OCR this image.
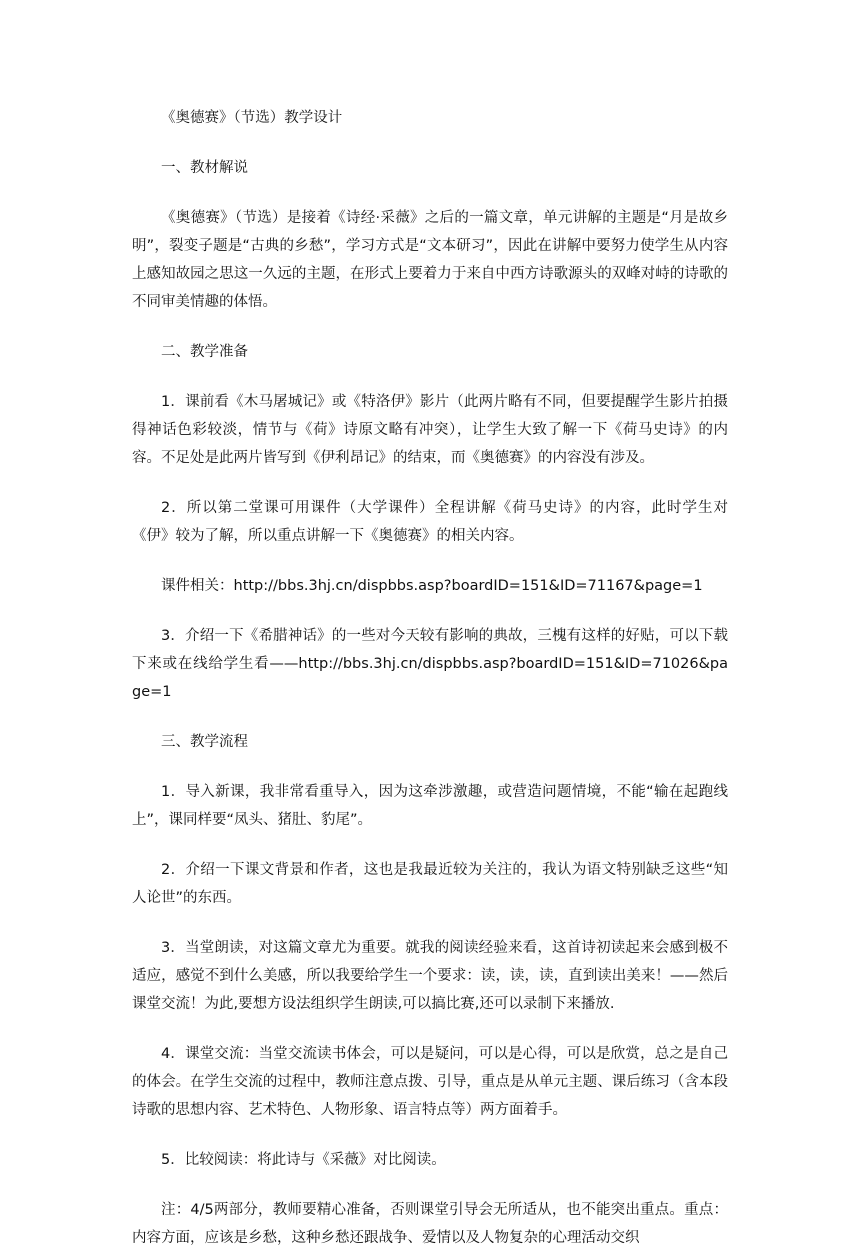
《奥德赛》（节选）教学设计

一、教材解说

《奥德赛》（节选）是接着《诗经·采薇》之后的一篇文章，单元讲解的主题是“月是故乡明”，裂变子题是“古典的乡愁”，学习方式是“文本研习”，因此在讲解中要努力使学生从内容上感知故园之思这一久远的主题，在形式上要着力于来自中西方诗歌源头的双峰对峙的诗歌的不同审美情趣的体悟。

二、教学准备

1．课前看《木马屠城记》或《特洛伊》影片（此两片略有不同，但要提醒学生影片拍摄得神话色彩较淡，情节与《荷》诗原文略有冲突），让学生大致了解一下《荷马史诗》的内容。不足处是此两片皆写到《伊利昂记》的结束，而《奥德赛》的内容没有涉及。

2．所以第二堂课可用课件（大学课件）全程讲解《荷马史诗》的内容，此时学生对《伊》较为了解，所以重点讲解一下《奥德赛》的相关内容。

课件相关：http://bbs.3hj.cn/dispbbs.asp?boardID=151&ID=71167&page=1

3．介绍一下《希腊神话》的一些对今天较有影响的典故，三槐有这样的好贴，可以下载下来或在线给学生看——http://bbs.3hj.cn/dispbbs.asp?boardID=151&ID=71026&page=1

三、教学流程

1．导入新课，我非常看重导入，因为这牵涉激趣，或营造问题情境，不能“输在起跑线上”，课同样要“凤头、猪肚、豹尾”。

2．介绍一下课文背景和作者，这也是我最近较为关注的，我认为语文特别缺乏这些“知人论世”的东西。

3．当堂朗读，对这篇文章尤为重要。就我的阅读经验来看，这首诗初读起来会感到极不适应，感觉不到什么美感，所以我要给学生一个要求：读，读，读，直到读出美来！——然后课堂交流！为此,要想方设法组织学生朗读,可以搞比赛,还可以录制下来播放.

4．课堂交流：当堂交流读书体会，可以是疑问，可以是心得，可以是欣赏，总之是自己的体会。在学生交流的过程中，教师注意点拨、引导，重点是从单元主题、课后练习（含本段诗歌的思想内容、艺术特色、人物形象、语言特点等）两方面着手。

5．比较阅读：将此诗与《采薇》对比阅读。

注：4/5两部分，教师要精心准备，否则课堂引导会无所适从，也不能突出重点。重点：内容方面，应该是乡愁，这种乡愁还跟战争、爱情以及人物复杂的心理活动交织
